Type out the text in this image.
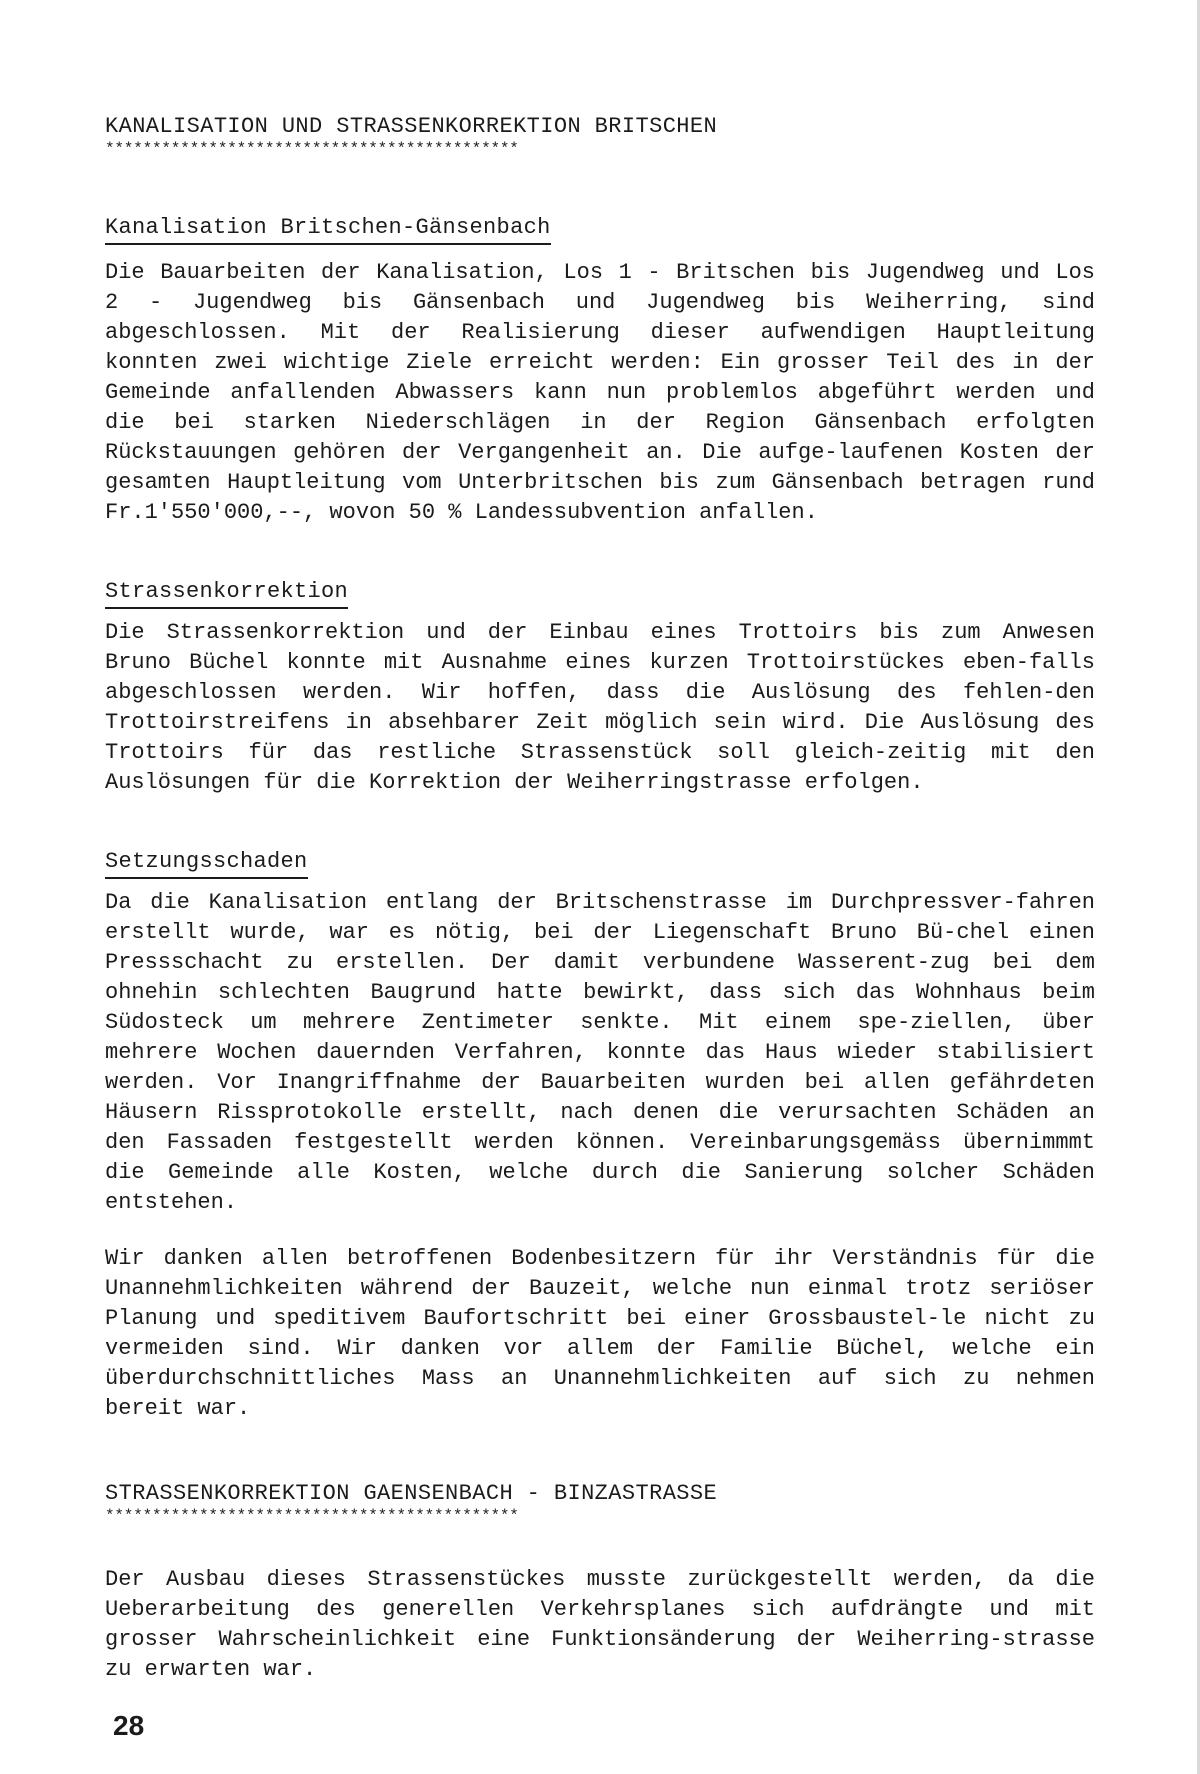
KANALISATION UND STRASSENKORREKTION BRITSCHEN
********************************************
Kanalisation Britschen-Gänsenbach

Die Bauarbeiten der Kanalisation, Los 1 - Britschen bis Jugendweg und Los 2 - Jugendweg bis Gänsenbach und Jugendweg bis Weiherring, sind abgeschlossen. Mit der Realisierung dieser aufwendigen Hauptleitung konnten zwei wichtige Ziele erreicht werden: Ein grosser Teil des in der Gemeinde anfallenden Abwassers kann nun problemlos abgeführt werden und die bei starken Niederschlägen in der Region Gänsenbach erfolgten Rückstauungen gehören der Vergangenheit an. Die aufge-laufenen Kosten der gesamten Hauptleitung vom Unterbritschen bis zum Gänsenbach betragen rund Fr.1'550'000,--, wovon 50 % Landessubvention anfallen.

Strassenkorrektion

Die Strassenkorrektion und der Einbau eines Trottoirs bis zum Anwesen Bruno Büchel konnte mit Ausnahme eines kurzen Trottoirstückes eben-falls abgeschlossen werden. Wir hoffen, dass die Auslösung des fehlen-den Trottoirstreifens in absehbarer Zeit möglich sein wird. Die Auslösung des Trottoirs für das restliche Strassenstück soll gleich-zeitig mit den Auslösungen für die Korrektion der Weiherringstrasse erfolgen.

Setzungsschaden

Da die Kanalisation entlang der Britschenstrasse im Durchpressver-fahren erstellt wurde, war es nötig, bei der Liegenschaft Bruno Bü-chel einen Pressschacht zu erstellen. Der damit verbundene Wasserent-zug bei dem ohnehin schlechten Baugrund hatte bewirkt, dass sich das Wohnhaus beim Südosteck um mehrere Zentimeter senkte. Mit einem spe-ziellen, über mehrere Wochen dauernden Verfahren, konnte das Haus wieder stabilisiert werden. Vor Inangriffnahme der Bauarbeiten wurden bei allen gefährdeten Häusern Rissprotokolle erstellt, nach denen die verursachten Schäden an den Fassaden festgestellt werden können. Vereinbarungsgemäss übernimmmt die Gemeinde alle Kosten, welche durch die Sanierung solcher Schäden entstehen.

Wir danken allen betroffenen Bodenbesitzern für ihr Verständnis für die Unannehmlichkeiten während der Bauzeit, welche nun einmal trotz seriöser Planung und speditivem Baufortschritt bei einer Grossbaustel-le nicht zu vermeiden sind. Wir danken vor allem der Familie Büchel, welche ein überdurchschnittliches Mass an Unannehmlichkeiten auf sich zu nehmen bereit war.

STRASSENKORREKTION GAENSENBACH - BINZASTRASSE
********************************************

Der Ausbau dieses Strassenstückes musste zurückgestellt werden, da die Ueberarbeitung des generellen Verkehrsplanes sich aufdrängte und mit grosser Wahrscheinlichkeit eine Funktionsänderung der Weiherring-strasse zu erwarten war.

28
